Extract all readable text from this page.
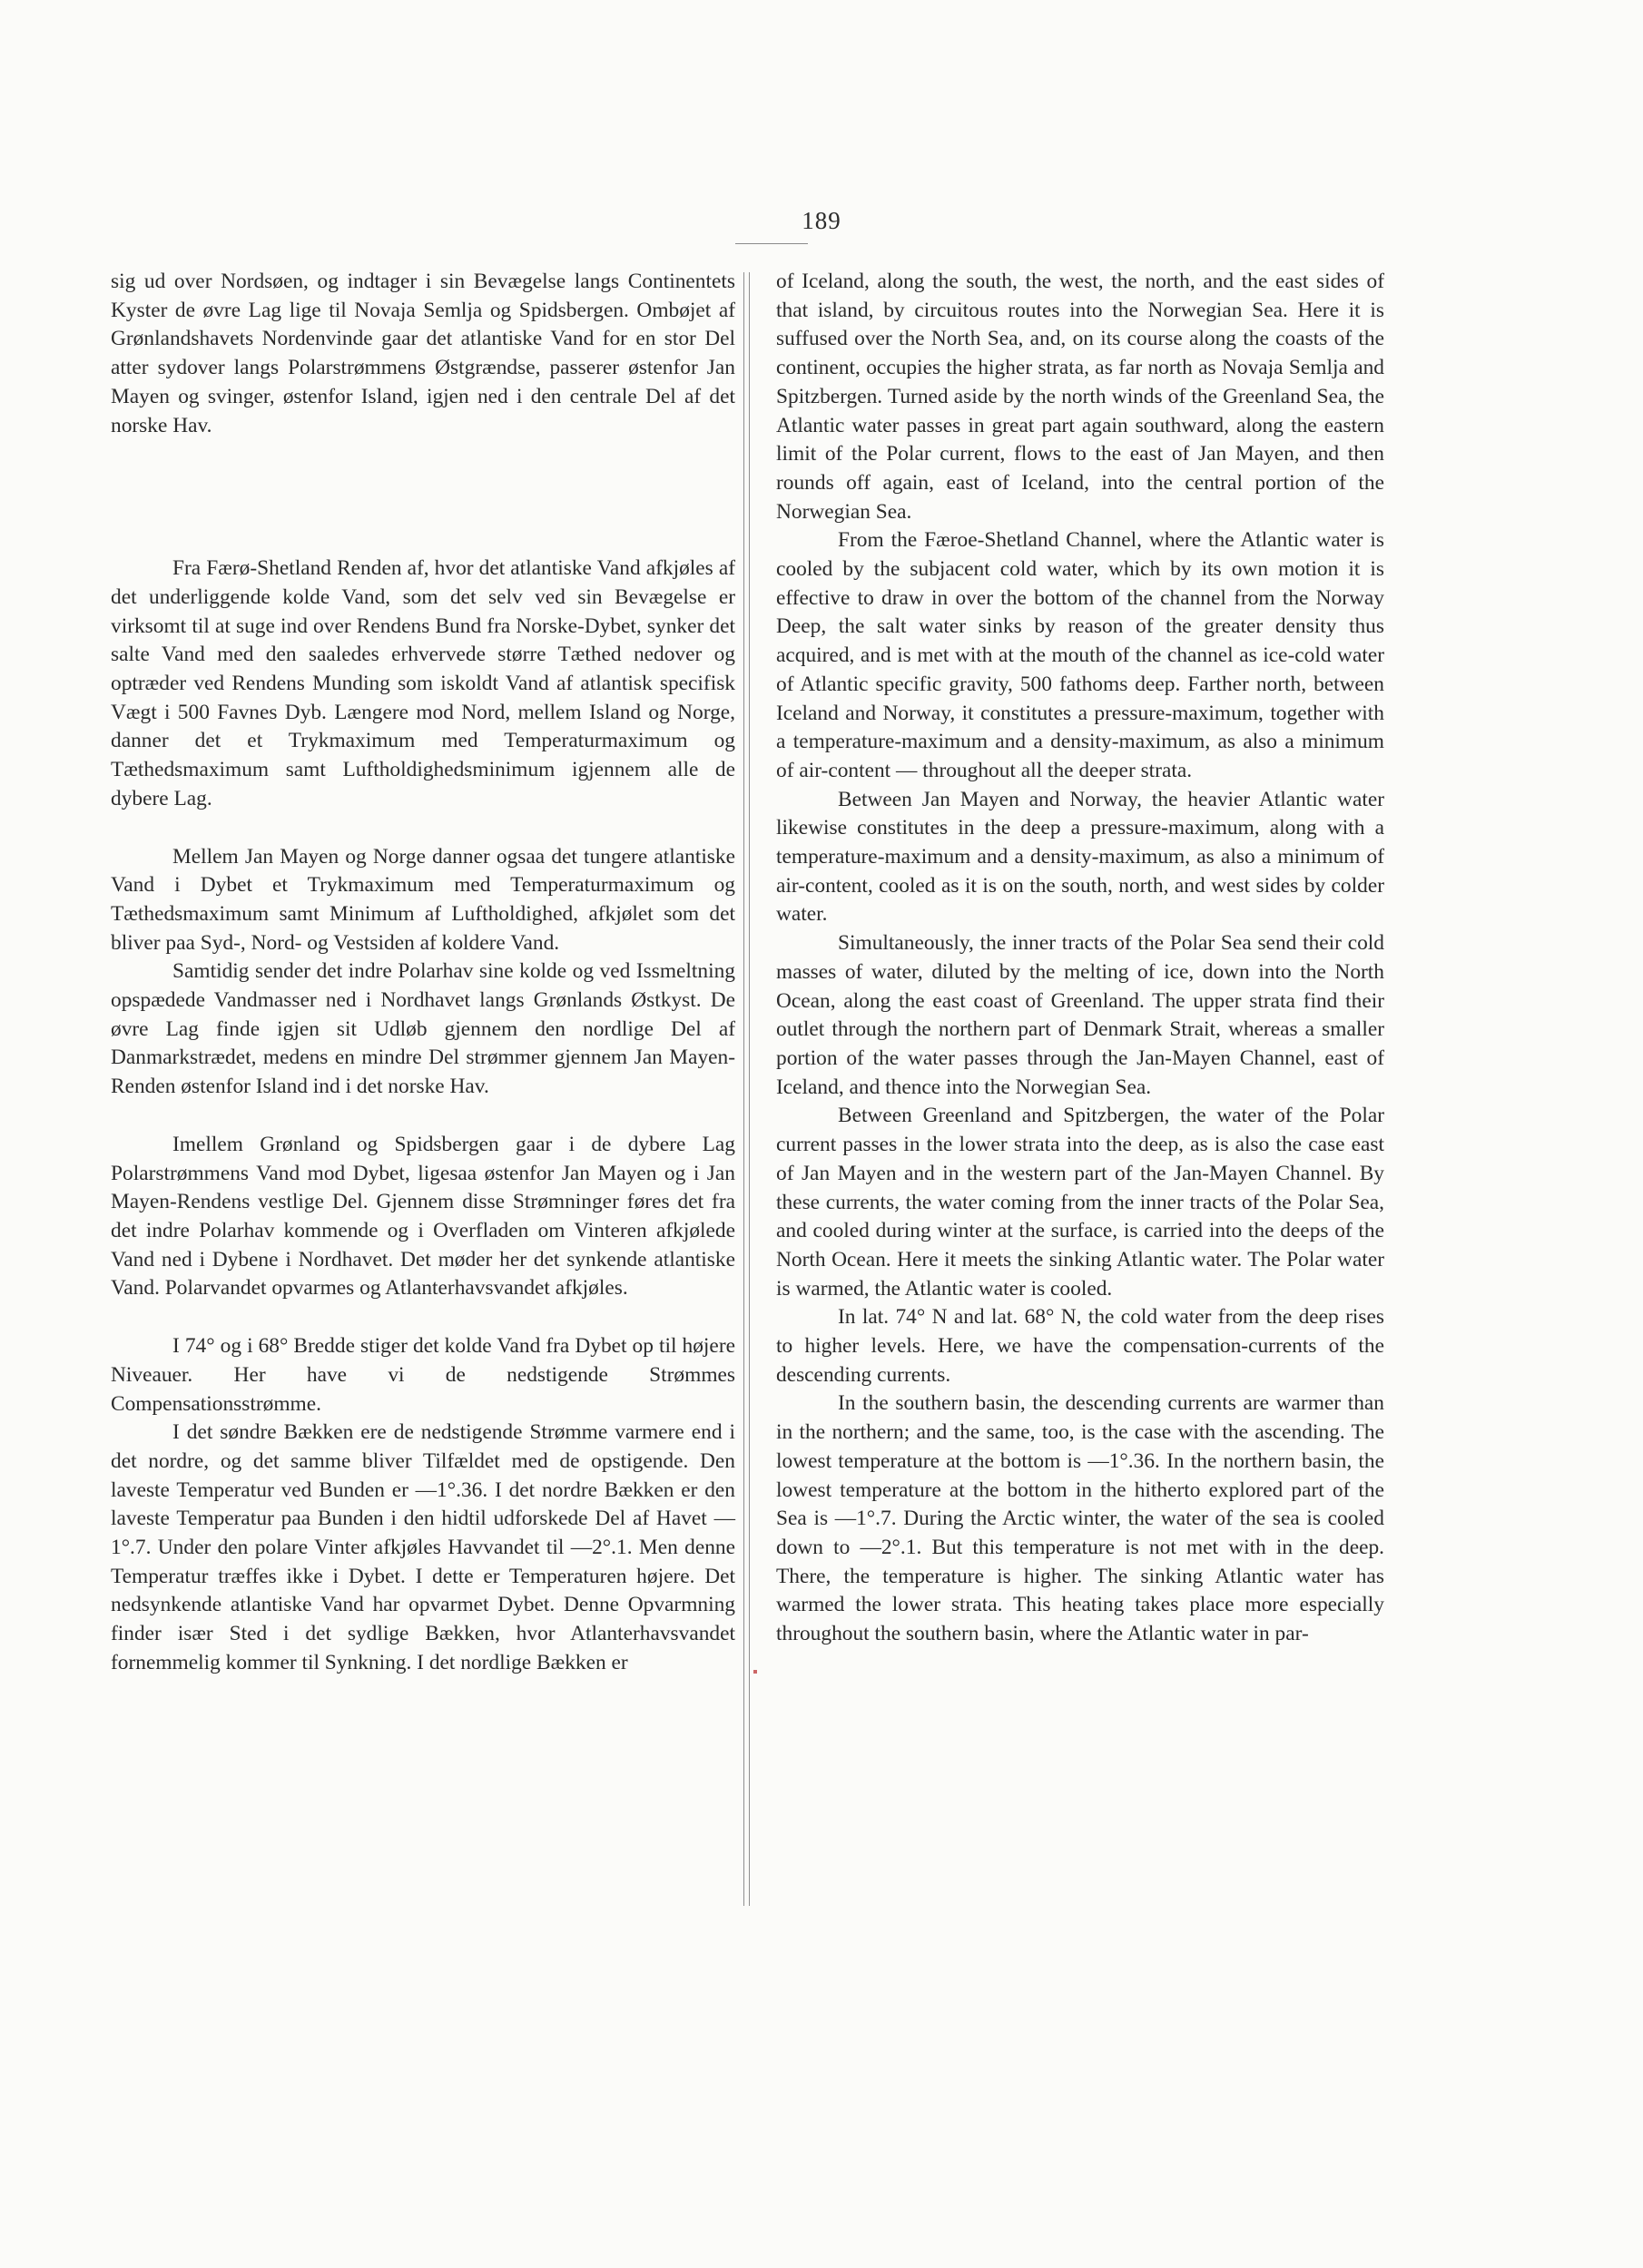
189

sig ud over Nordsøen, og indtager i sin Bevægelse langs Continentets Kyster de øvre Lag lige til Novaja Semlja og Spidsbergen. Ombøjet af Grønlandshavets Nordenvinde gaar det atlantiske Vand for en stor Del atter sydover langs Polarstrømmens Østgrændse, passerer østenfor Jan Mayen og svinger, østenfor Island, igjen ned i den centrale Del af det norske Hav.

Fra Færø-Shetland Renden af, hvor det atlantiske Vand afkjøles af det underliggende kolde Vand, som det selv ved sin Bevægelse er virksomt til at suge ind over Rendens Bund fra Norske-Dybet, synker det salte Vand med den saaledes erhvervede større Tæthed nedover og optræder ved Rendens Munding som iskoldt Vand af atlantisk specifisk Vægt i 500 Favnes Dyb. Længere mod Nord, mellem Island og Norge, danner det et Trykmaximum med Temperaturmaximum og Tæthedsmaximum samt Luftholdighedsminimum igjennem alle de dybere Lag.

Mellem Jan Mayen og Norge danner ogsaa det tungere atlantiske Vand i Dybet et Trykmaximum med Temperaturmaximum og Tæthedsmaximum samt Minimum af Luftholdighed, afkjølet som det bliver paa Syd-, Nord- og Vestsiden af koldere Vand.

Samtidig sender det indre Polarhav sine kolde og ved Issmeltning opspædede Vandmasser ned i Nordhavet langs Grønlands Østkyst. De øvre Lag finde igjen sit Udløb gjennem den nordlige Del af Danmarkstrædet, medens en mindre Del strømmer gjennem Jan Mayen-Renden østenfor Island ind i det norske Hav.

Imellem Grønland og Spidsbergen gaar i de dybere Lag Polarstrømmens Vand mod Dybet, ligesaa østenfor Jan Mayen og i Jan Mayen-Rendens vestlige Del. Gjennem disse Strømninger føres det fra det indre Polarhav kommende og i Overfladen om Vinteren afkjølede Vand ned i Dybene i Nordhavet. Det møder her det synkende atlantiske Vand. Polarvandet opvarmes og Atlanterhavsvandet afkjøles.

I 74° og i 68° Bredde stiger det kolde Vand fra Dybet op til højere Niveauer. Her have vi de nedstigende Strømmes Compensationsstrømme.

I det søndre Bækken ere de nedstigende Strømme varmere end i det nordre, og det samme bliver Tilfældet med de opstigende. Den laveste Temperatur ved Bunden er —1°.36. I det nordre Bækken er den laveste Temperatur paa Bunden i den hidtil udforskede Del af Havet —1°.7. Under den polare Vinter afkjøles Havvandet til —2°.1. Men denne Temperatur træffes ikke i Dybet. I dette er Temperaturen højere. Det nedsynkende atlantiske Vand har opvarmet Dybet. Denne Opvarmning finder især Sted i det sydlige Bækken, hvor Atlanterhavsvandet fornemmelig kommer til Synkning. I det nordlige Bækken er

of Iceland, along the south, the west, the north, and the east sides of that island, by circuitous routes into the Norwegian Sea. Here it is suffused over the North Sea, and, on its course along the coasts of the continent, occupies the higher strata, as far north as Novaja Semlja and Spitzbergen. Turned aside by the north winds of the Greenland Sea, the Atlantic water passes in great part again southward, along the eastern limit of the Polar current, flows to the east of Jan Mayen, and then rounds off again, east of Iceland, into the central portion of the Norwegian Sea.

From the Færoe-Shetland Channel, where the Atlantic water is cooled by the subjacent cold water, which by its own motion it is effective to draw in over the bottom of the channel from the Norway Deep, the salt water sinks by reason of the greater density thus acquired, and is met with at the mouth of the channel as ice-cold water of Atlantic specific gravity, 500 fathoms deep. Farther north, between Iceland and Norway, it constitutes a pressure-maximum, together with a temperature-maximum and a density-maximum, as also a minimum of air-content — throughout all the deeper strata.

Between Jan Mayen and Norway, the heavier Atlantic water likewise constitutes in the deep a pressure-maximum, along with a temperature-maximum and a density-maximum, as also a minimum of air-content, cooled as it is on the south, north, and west sides by colder water.

Simultaneously, the inner tracts of the Polar Sea send their cold masses of water, diluted by the melting of ice, down into the North Ocean, along the east coast of Greenland. The upper strata find their outlet through the northern part of Denmark Strait, whereas a smaller portion of the water passes through the Jan-Mayen Channel, east of Iceland, and thence into the Norwegian Sea.

Between Greenland and Spitzbergen, the water of the Polar current passes in the lower strata into the deep, as is also the case east of Jan Mayen and in the western part of the Jan-Mayen Channel. By these currents, the water coming from the inner tracts of the Polar Sea, and cooled during winter at the surface, is carried into the deeps of the North Ocean. Here it meets the sinking Atlantic water. The Polar water is warmed, the Atlantic water is cooled.

In lat. 74° N and lat. 68° N, the cold water from the deep rises to higher levels. Here, we have the compensation-currents of the descending currents.

In the southern basin, the descending currents are warmer than in the northern; and the same, too, is the case with the ascending. The lowest temperature at the bottom is —1°.36. In the northern basin, the lowest temperature at the bottom in the hitherto explored part of the Sea is —1°.7. During the Arctic winter, the water of the sea is cooled down to —2°.1. But this temperature is not met with in the deep. There, the temperature is higher. The sinking Atlantic water has warmed the lower strata. This heating takes place more especially throughout the southern basin, where the Atlantic water in par-
